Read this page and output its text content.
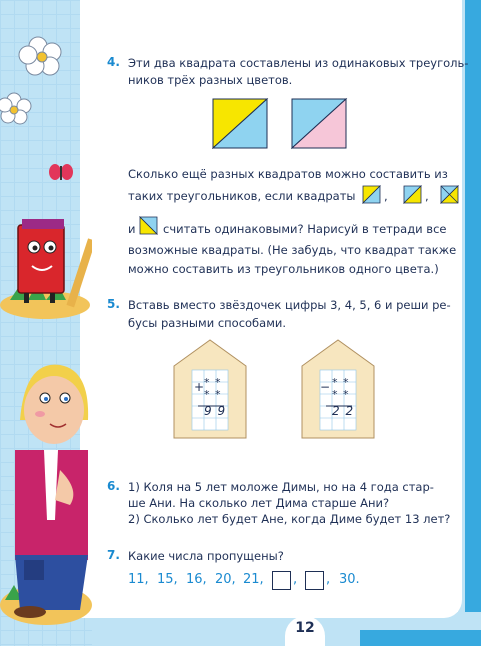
4. Эти два квадрата составлены из одинаковых треуголь-
ников трёх разных цветов.
Сколько ещё разных квадратов можно составить из
таких треугольников, если квадраты ,	,
и считать одинаковыми? Нарисуй в тетради все
возможные квадраты. (Не забудь, что квадрат также
можно составить из треугольников одного цвета.)
5. Вставь вместо звёздочек цифры 3, 4, 5, 6 и реши ре-
бусы разными способами.
+ * *
* *
9 9
− * *
* *
2 2
6. 1) Коля на 5 лет моложе Димы, но на 4 года стар-
ше Ани. На сколько лет Дима старше Ани?
2) Сколько лет будет Ане, когда Диме будет 13 лет?
7. Какие числа пропущены?
11, 15, 16, 20, 21, , , 30.
12
